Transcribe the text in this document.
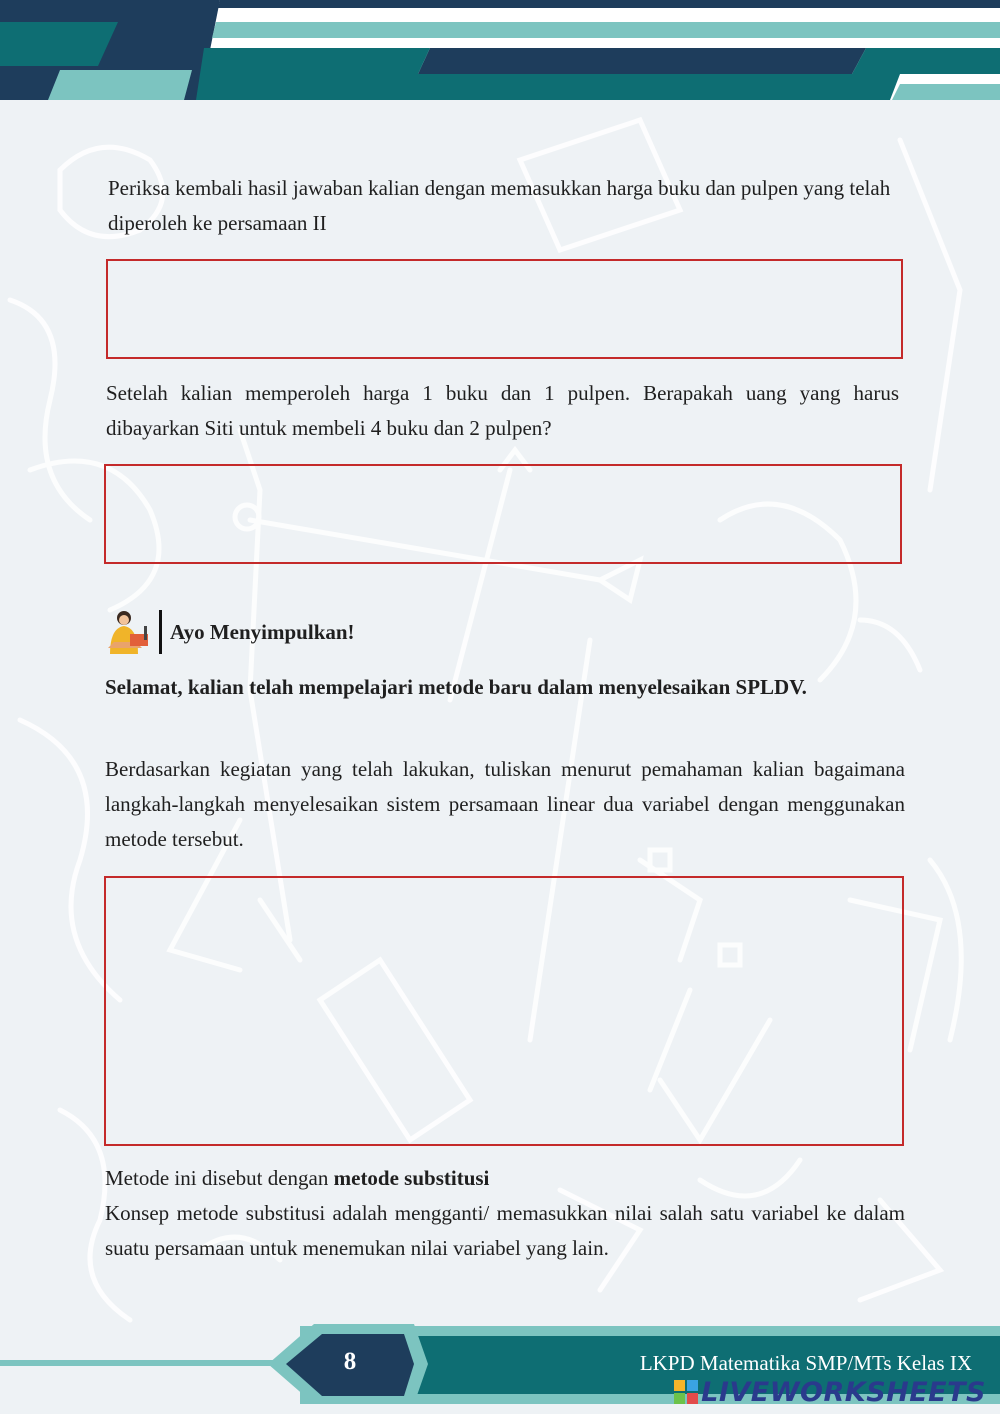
Periksa kembali hasil jawaban kalian dengan memasukkan harga buku dan pulpen yang telah diperoleh ke persamaan II

Setelah kalian memperoleh harga 1 buku dan 1 pulpen. Berapakah uang yang harus dibayarkan Siti untuk membeli 4 buku dan 2 pulpen?

Ayo Menyimpulkan!

Selamat, kalian telah mempelajari metode baru dalam menyelesaikan SPLDV.

Berdasarkan kegiatan yang telah lakukan, tuliskan menurut pemahaman kalian bagaimana langkah-langkah menyelesaikan sistem persamaan linear dua variabel dengan menggunakan metode tersebut.

Metode ini disebut dengan metode substitusi

Konsep metode substitusi adalah mengganti/ memasukkan nilai salah satu variabel ke dalam suatu persamaan untuk menemukan nilai variabel yang lain.

8	LKPD Matematika SMP/MTs Kelas IX
LIVEWORKSHEETS
